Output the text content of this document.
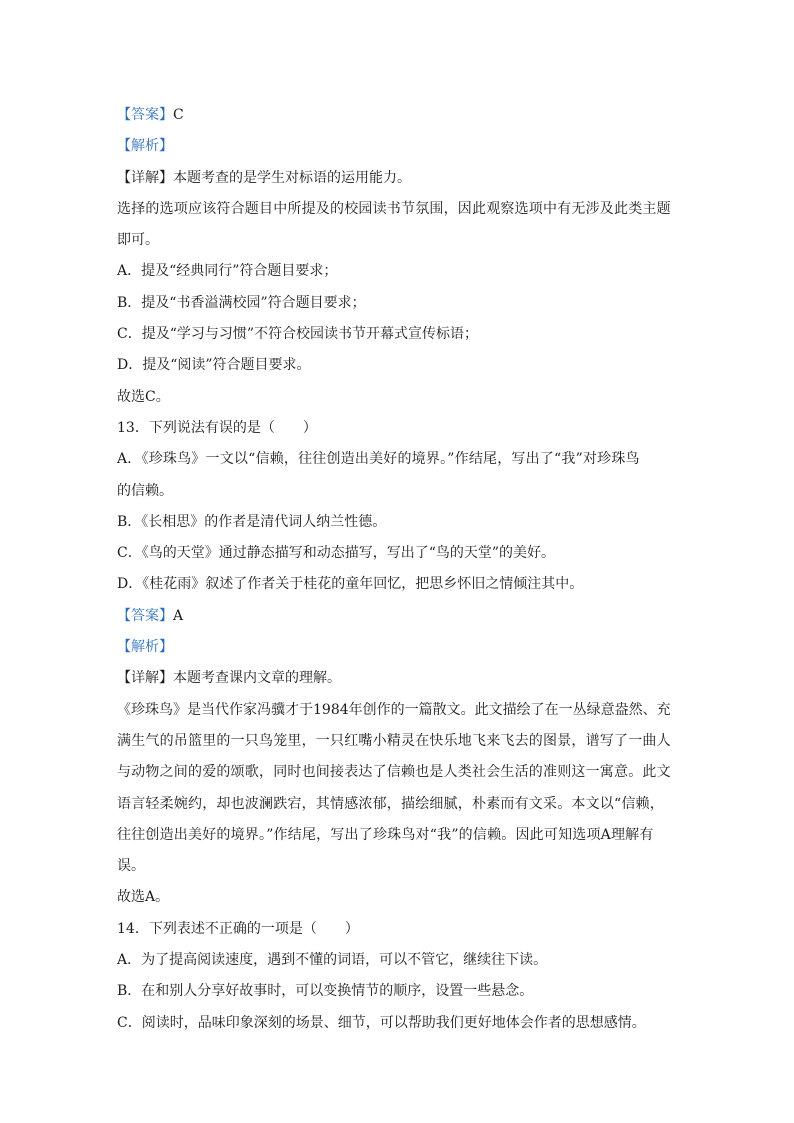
【答案】C
【解析】
【详解】本题考查的是学生对标语的运用能力。
选择的选项应该符合题目中所提及的校园读书节氛围，因此观察选项中有无涉及此类主题
即可。
A．提及“经典同行”符合题目要求；
B．提及“书香溢满校园”符合题目要求；
C．提及“学习与习惯”不符合校园读书节开幕式宣传标语；
D．提及“阅读”符合题目要求。
故选C。
13．下列说法有误的是（　　）
A．《珍珠鸟》一文以“信赖，往往创造出美好的境界。”作结尾，写出了“我”对珍珠鸟
的信赖。
B．《长相思》的作者是清代词人纳兰性德。
C．《鸟的天堂》通过静态描写和动态描写，写出了“鸟的天堂”的美好。
D．《桂花雨》叙述了作者关于桂花的童年回忆，把思乡怀旧之情倾注其中。
【答案】A
【解析】
【详解】本题考查课内文章的理解。
《珍珠鸟》是当代作家冯骥才于1984年创作的一篇散文。此文描绘了在一丛绿意盎然、充
满生气的吊篮里的一只鸟笼里，一只红嘴小精灵在快乐地飞来飞去的图景，谱写了一曲人
与动物之间的爱的颂歌，同时也间接表达了信赖也是人类社会生活的准则这一寓意。此文
语言轻柔婉约，却也波澜跌宕，其情感浓郁，描绘细腻，朴素而有文采。本文以“信赖，
往往创造出美好的境界。”作结尾，写出了珍珠鸟对“我”的信赖。因此可知选项A理解有
误。
故选A。
14．下列表述不正确的一项是（　　）
A．为了提高阅读速度，遇到不懂的词语，可以不管它，继续往下读。
B．在和别人分享好故事时，可以变换情节的顺序，设置一些悬念。
C．阅读时，品味印象深刻的场景、细节，可以帮助我们更好地体会作者的思想感情。
